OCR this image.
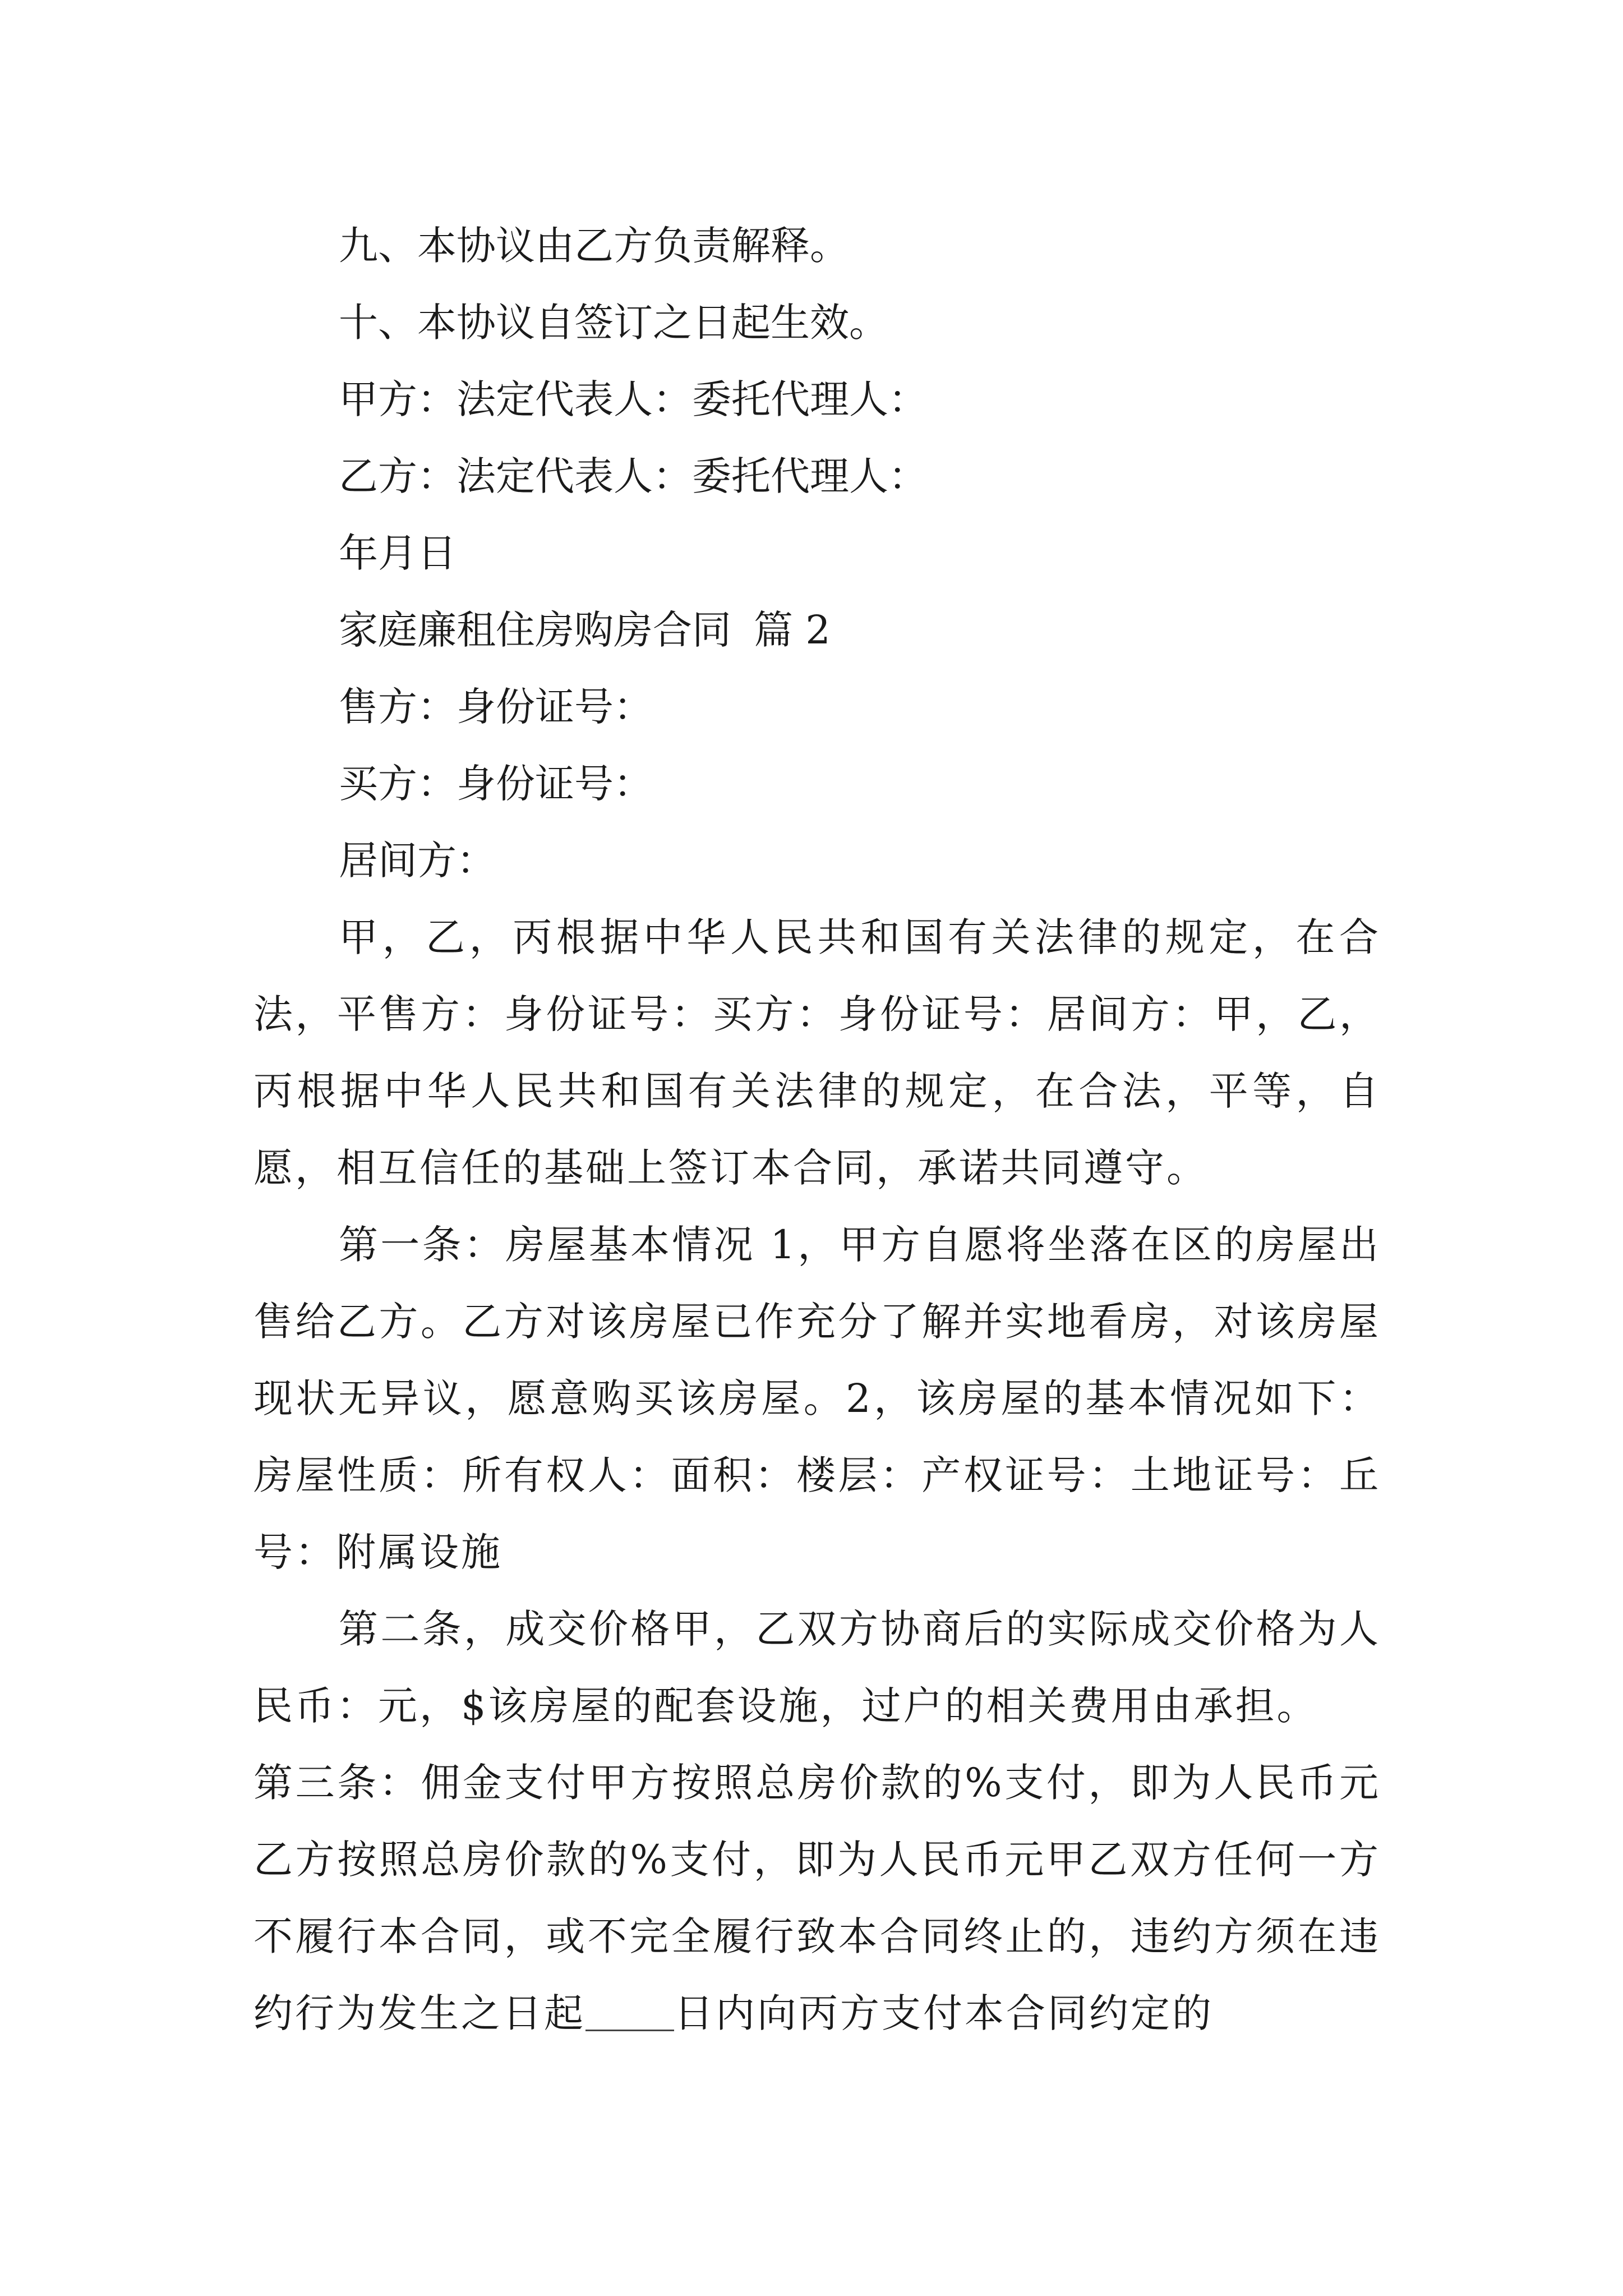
九、本协议由乙方负责解释。

十、本协议自签订之日起生效。

甲方：法定代表人：委托代理人：

乙方：法定代表人：委托代理人：

年月日

家庭廉租住房购房合同 篇 2

售方：身份证号：

买方：身份证号：

居间方：

甲，乙，丙根据中华人民共和国有关法律的规定，在合法，平售方：身份证号：买方：身份证号：居间方：甲，乙，丙根据中华人民共和国有关法律的规定，在合法，平等，自愿，相互信任的基础上签订本合同，承诺共同遵守。

第一条：房屋基本情况 1，甲方自愿将坐落在区的房屋出售给乙方。乙方对该房屋已作充分了解并实地看房，对该房屋现状无异议，愿意购买该房屋。2，该房屋的基本情况如下：房屋性质：所有权人：面积：楼层：产权证号：土地证号：丘号：附属设施

第二条，成交价格甲，乙双方协商后的实际成交价格为人民币：元，$该房屋的配套设施，过户的相关费用由承担。

第三条：佣金支付甲方按照总房价款的%支付，即为人民币元乙方按照总房价款的%支付，即为人民币元甲乙双方任何一方不履行本合同，或不完全履行致本合同终止的，违约方须在违约行为发生之日起 日内向丙方支付本合同约定的
